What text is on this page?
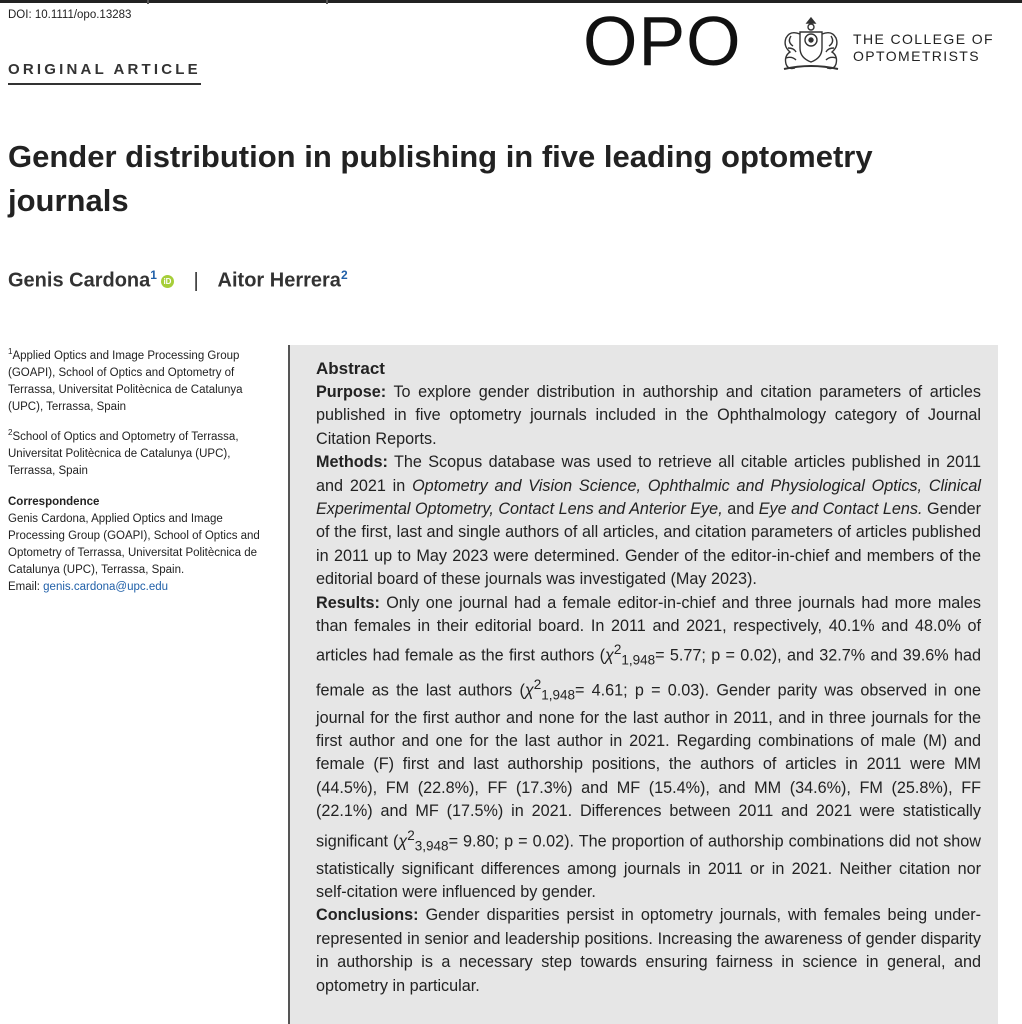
DOI: 10.1111/opo.13283
ORIGINAL ARTICLE	OPO	THE COLLEGE OF
OPTOMETRISTS
Gender distribution in publishing in five leading optometry journals
Genis Cardona$^1$ iD | Aitor Herrera$^2$

$^1$Applied Optics and Image Processing Group (GOAPI), School of Optics and Optometry of Terrassa, Universitat Politècnica de Catalunya (UPC), Terrassa, Spain

$^2$School of Optics and Optometry of Terrassa, Universitat Politècnica de Catalunya (UPC), Terrassa, Spain

Correspondence
Genis Cardona, Applied Optics and Image Processing Group (GOAPI), School of Optics and Optometry of Terrassa, Universitat Politècnica de Catalunya (UPC), Terrassa, Spain.
Email: genis.cardona@upc.edu
Abstract

Purpose: To explore gender distribution in authorship and citation parameters of articles published in five optometry journals included in the Ophthalmology category of Journal Citation Reports.

Methods: The Scopus database was used to retrieve all citable articles published in 2011 and 2021 in Optometry and Vision Science, Ophthalmic and Physiological Optics, Clinical Experimental Optometry, Contact Lens and Anterior Eye, and Eye and Contact Lens. Gender of the first, last and single authors of all articles, and citation parameters of articles published in 2011 up to May 2023 were determined. Gender of the editor-in-chief and members of the editorial board of these journals was investigated (May 2023).

Results: Only one journal had a female editor-in-chief and three journals had more males than females in their editorial board. In 2011 and 2021, respectively, 40.1% and 48.0% of articles had female as the first authors ($\chi^2_{1,948}= 5.77$; p = 0.02), and 32.7% and 39.6% had female as the last authors ($\chi^2_{1,948}= 4.61$; p = 0.03). Gender parity was observed in one journal for the first author and none for the last author in 2011, and in three journals for the first author and one for the last author in 2021. Regarding combinations of male (M) and female (F) first and last authorship positions, the authors of articles in 2011 were MM (44.5%), FM (22.8%), FF (17.3%) and MF (15.4%), and MM (34.6%), FM (25.8%), FF (22.1%) and MF (17.5%) in 2021. Differences between 2011 and 2021 were statistically significant ($\chi^2_{3,948}= 9.80$; p = 0.02). The proportion of authorship combinations did not show statistically significant differences among journals in 2011 or in 2021. Neither citation nor self-citation were influenced by gender.

Conclusions: Gender disparities persist in optometry journals, with females being under-represented in senior and leadership positions. Increasing the awareness of gender disparity in authorship is a necessary step towards ensuring fairness in science in general, and optometry in particular.
